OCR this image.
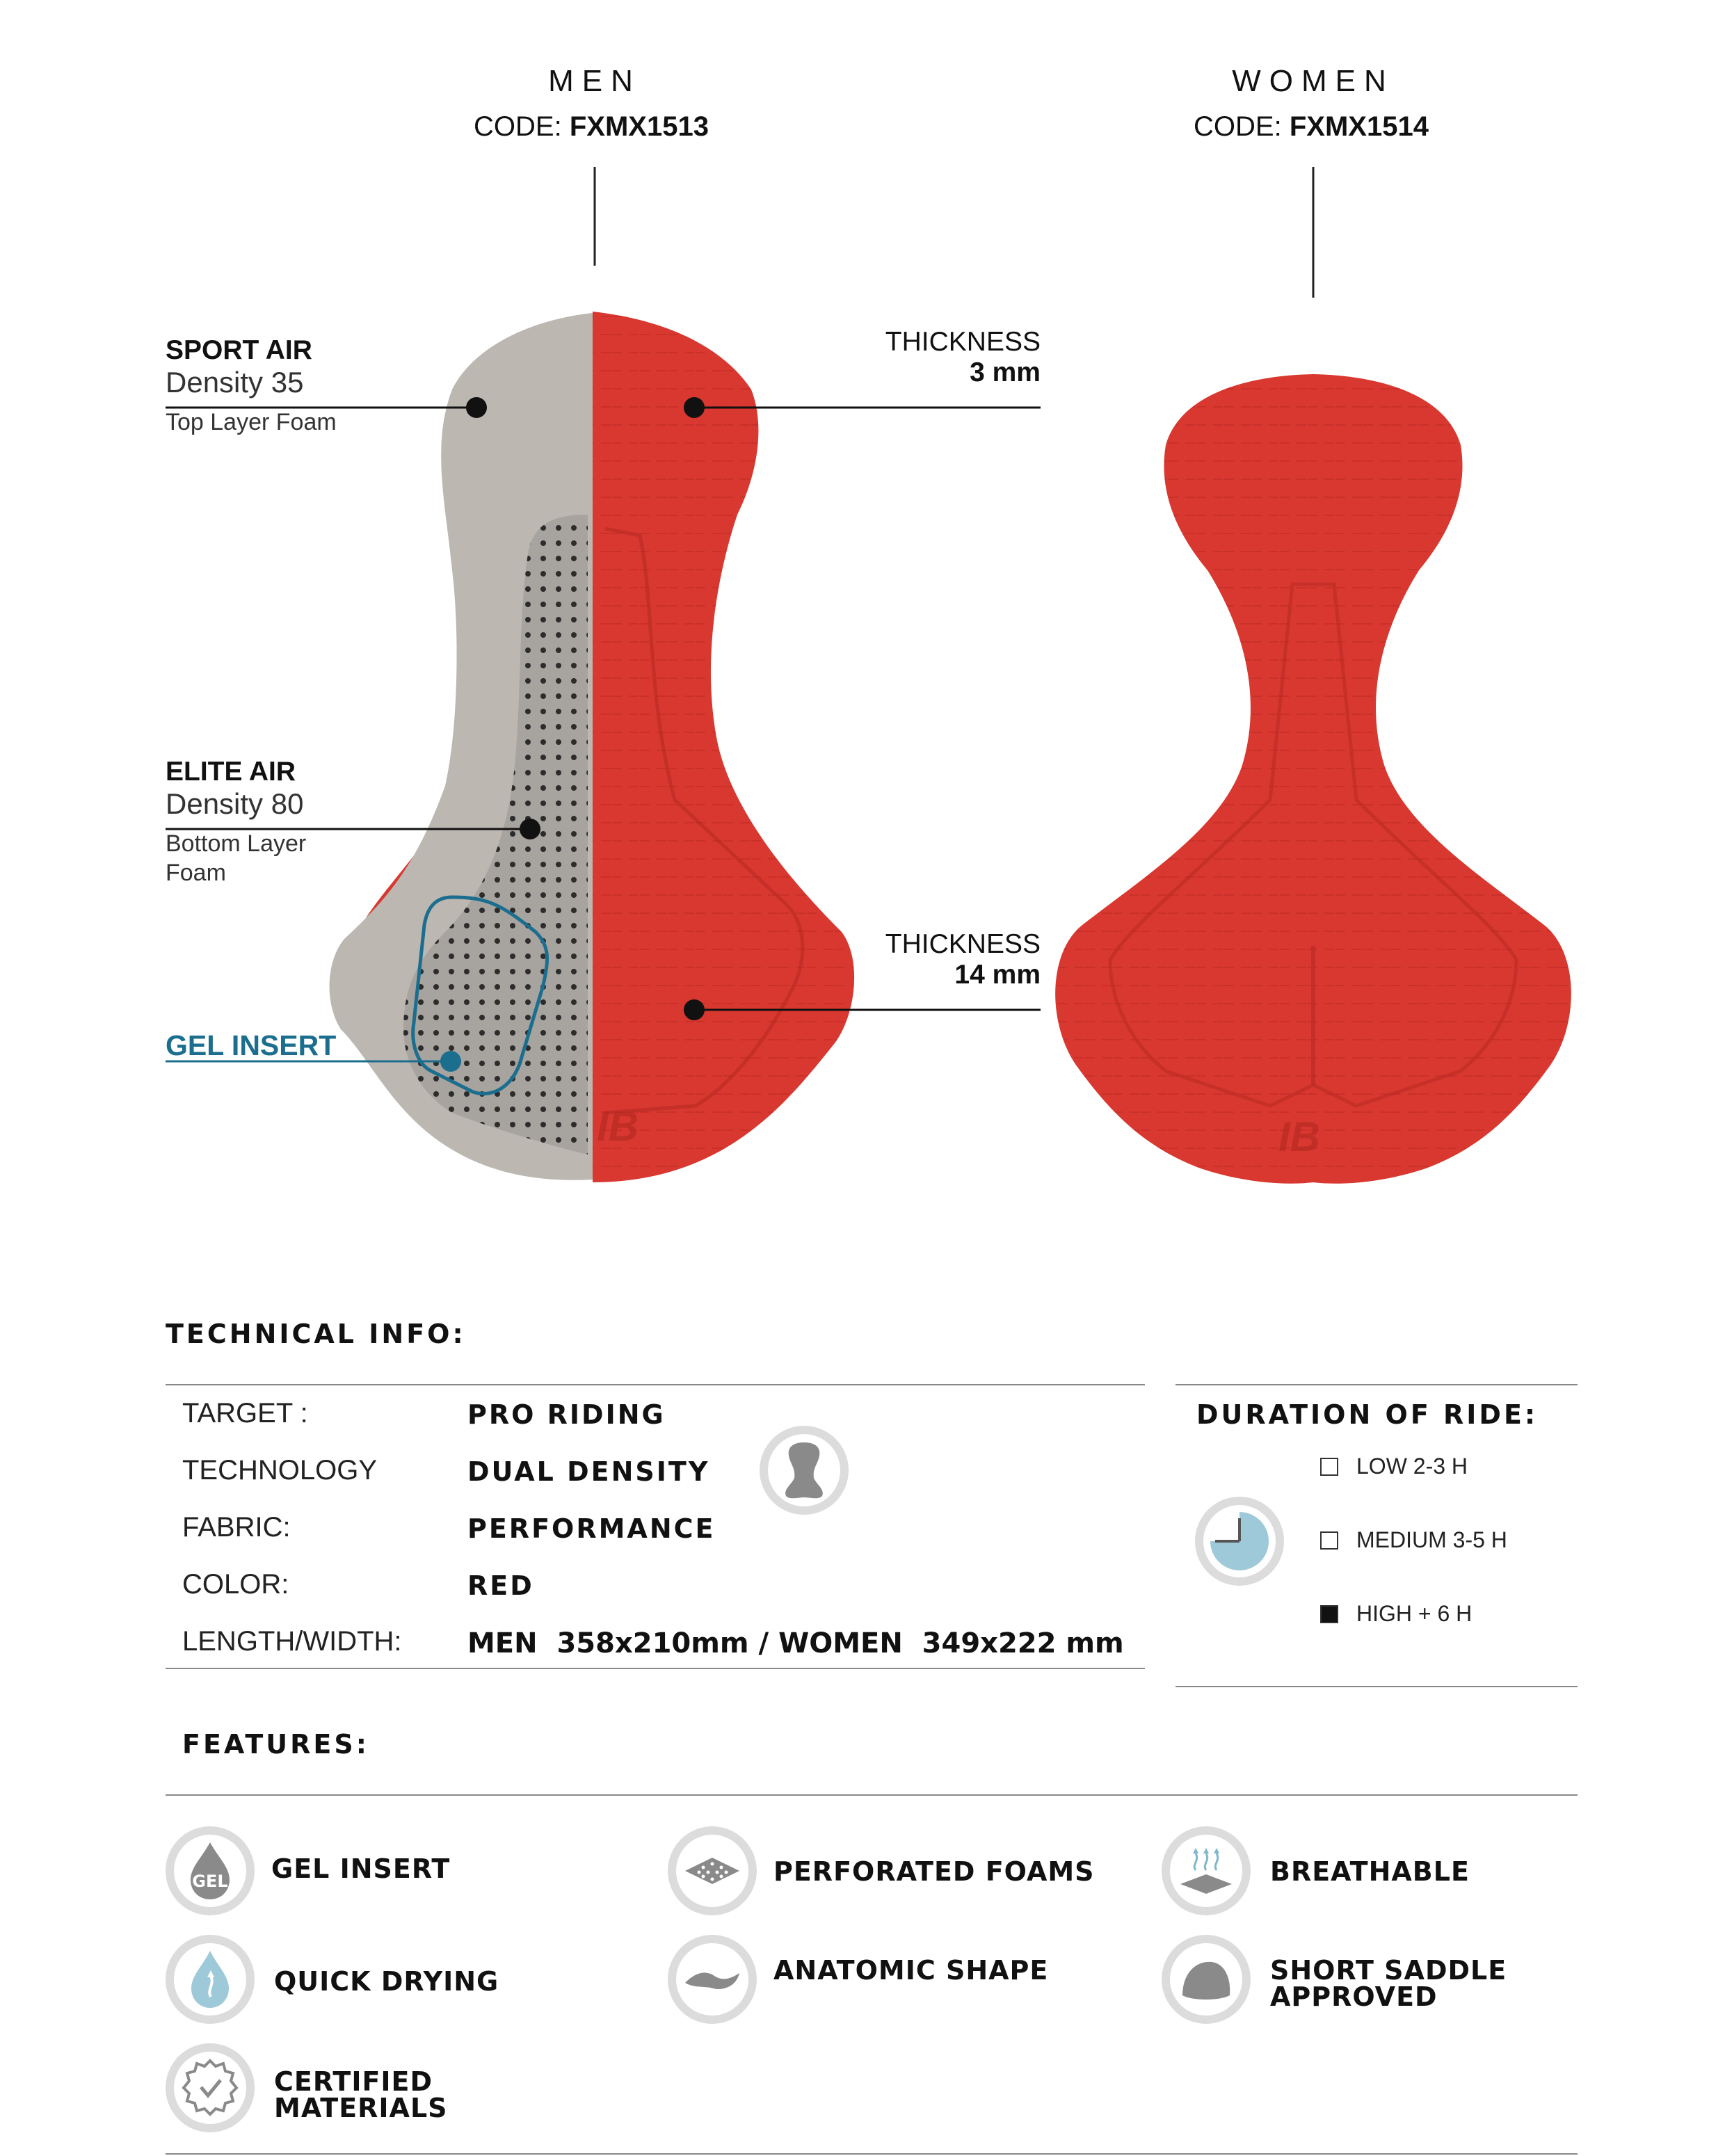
IB	IB
MEN
CODE: FXMX1513
WOMEN
CODE: FXMX1514
SPORT AIR
Density 35
Top Layer Foam
ELITE AIR
Density 80
Bottom Layer
Foam
GEL INSERT
THICKNESS
3 mm
THICKNESS
14 mm
TECHNICAL INFO:
TARGET :	PRO RIDING
TECHNOLOGY	DUAL DENSITY
FABRIC:	PERFORMANCE
COLOR:	RED
LENGTH/WIDTH: MEN  358x210mm / WOMEN  349x222 mm
DURATION OF RIDE:
LOW 2-3 H
MEDIUM 3-5 H
HIGH + 6 H
FEATURES:
GEL GEL INSERT	PERFORATED FOAMS	BREATHABLE
QUICK DRYING	ANATOMIC SHAPE	SHORT SADDLE
APPROVED
CERTIFIED
MATERIALS
